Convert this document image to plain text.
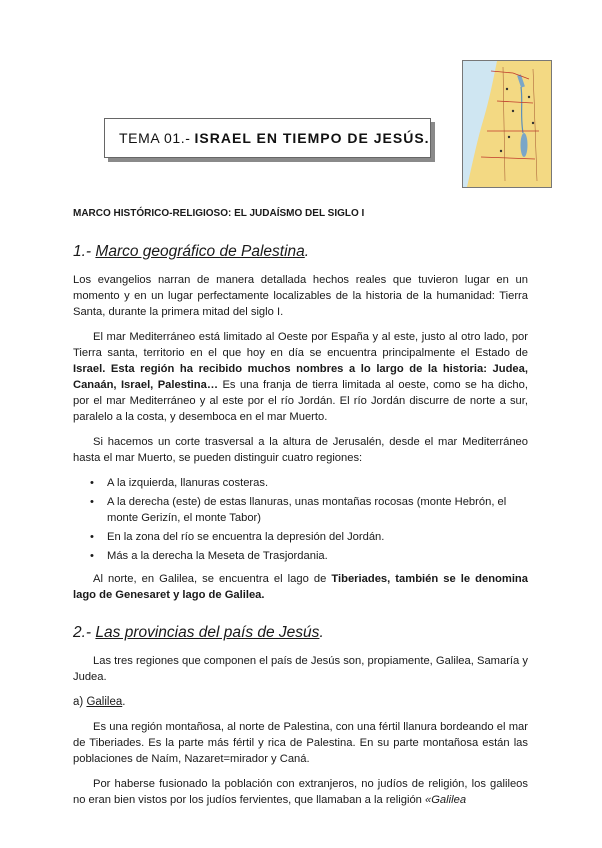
TEMA 01.- ISRAEL EN TIEMPO DE JESÚS.

MARCO HISTÓRICO-RELIGIOSO: EL JUDAÍSMO DEL SIGLO I

1.- Marco geográfico de Palestina.

Los evangelios narran de manera detallada hechos reales que tuvieron lugar en un momento y en un lugar perfectamente localizables de la historia de la humanidad: Tierra Santa, durante la primera mitad del siglo I.

El mar Mediterráneo está limitado al Oeste por España y al este, justo al otro lado, por Tierra santa, territorio en el que hoy en día se encuentra principalmente el Estado de Israel. Esta región ha recibido muchos nombres a lo largo de la historia: Judea, Canaán, Israel, Palestina… Es una franja de tierra limitada al oeste, como se ha dicho, por el mar Mediterráneo y al este por el río Jordán. El río Jordán discurre de norte a sur, paralelo a la costa, y desemboca en el mar Muerto.

Si hacemos un corte trasversal a la altura de Jerusalén, desde el mar Mediterráneo hasta el mar Muerto, se pueden distinguir cuatro regiones:

• A la izquierda, llanuras costeras.
• A la derecha (este) de estas llanuras, unas montañas rocosas (monte Hebrón, el monte Gerizín, el monte Tabor)
• En la zona del río se encuentra la depresión del Jordán.
• Más a la derecha la Meseta de Trasjordania.

Al norte, en Galilea, se encuentra el lago de Tiberiades, también se le denomina lago de Genesaret y lago de Galilea.

2.- Las provincias del país de Jesús.

Las tres regiones que componen el país de Jesús son, propiamente, Galilea, Samaría y Judea.

a) Galilea.

Es una región montañosa, al norte de Palestina, con una fértil llanura bordeando el mar de Tiberiades. Es la parte más fértil y rica de Palestina. En su parte montañosa están las poblaciones de Naím, Nazaret=mirador y Caná.

Por haberse fusionado la población con extranjeros, no judíos de religión, los galileos no eran bien vistos por los judíos fervientes, que llamaban a la religión «Galilea
